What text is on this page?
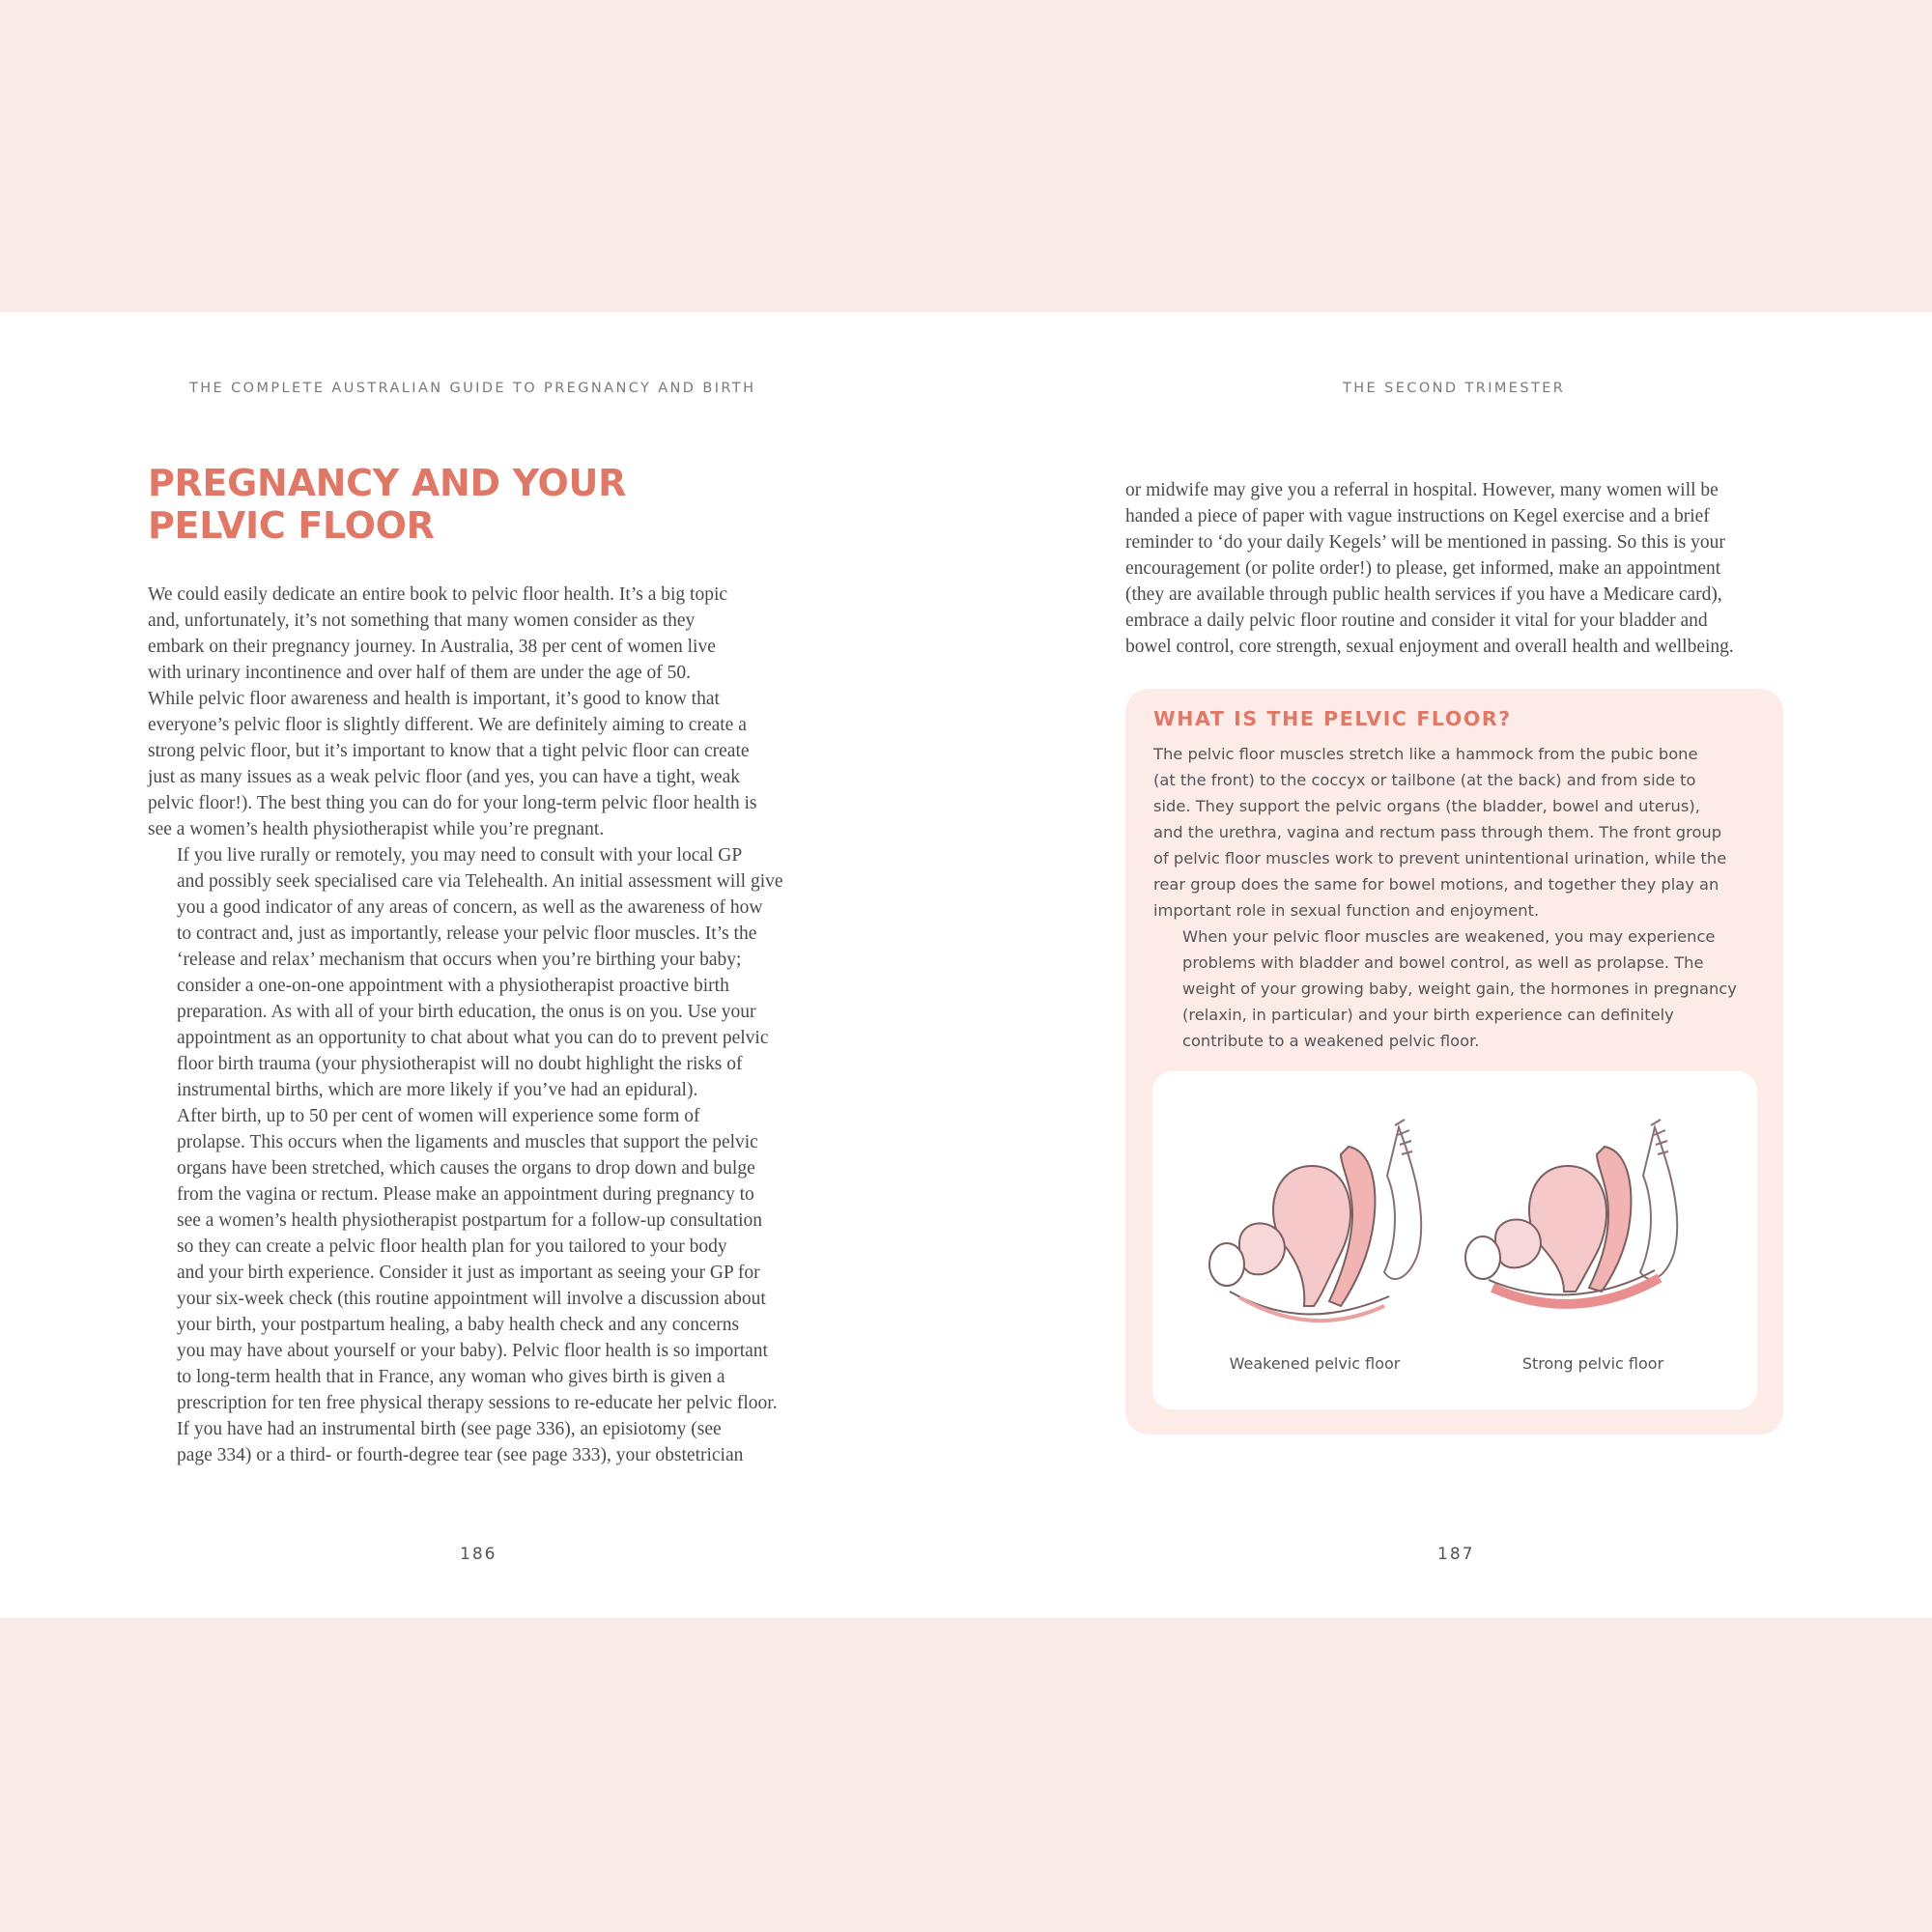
THE COMPLETE AUSTRALIAN GUIDE TO PREGNANCY AND BIRTH	THE SECOND TRIMESTER
PREGNANCY AND YOUR
PELVIC FLOOR

We could easily dedicate an entire book to pelvic floor health. It’s a big topic
and, unfortunately, it’s not something that many women consider as they
embark on their pregnancy journey. In Australia, 38 per cent of women live
with urinary incontinence and over half of them are under the age of 50.
While pelvic floor awareness and health is important, it’s good to know that
everyone’s pelvic floor is slightly different. We are definitely aiming to create a
strong pelvic floor, but it’s important to know that a tight pelvic floor can create
just as many issues as a weak pelvic floor (and yes, you can have a tight, weak
pelvic floor!). The best thing you can do for your long-term pelvic floor health is
see a women’s health physiotherapist while you’re pregnant.

If you live rurally or remotely, you may need to consult with your local GP
and possibly seek specialised care via Telehealth. An initial assessment will give
you a good indicator of any areas of concern, as well as the awareness of how
to contract and, just as importantly, release your pelvic floor muscles. It’s the
‘release and relax’ mechanism that occurs when you’re birthing your baby;
consider a one-on-one appointment with a physiotherapist proactive birth
preparation. As with all of your birth education, the onus is on you. Use your
appointment as an opportunity to chat about what you can do to prevent pelvic
floor birth trauma (your physiotherapist will no doubt highlight the risks of
instrumental births, which are more likely if you’ve had an epidural).

After birth, up to 50 per cent of women will experience some form of
prolapse. This occurs when the ligaments and muscles that support the pelvic
organs have been stretched, which causes the organs to drop down and bulge
from the vagina or rectum. Please make an appointment during pregnancy to
see a women’s health physiotherapist postpartum for a follow-up consultation
so they can create a pelvic floor health plan for you tailored to your body
and your birth experience. Consider it just as important as seeing your GP for
your six-week check (this routine appointment will involve a discussion about
your birth, your postpartum healing, a baby health check and any concerns
you may have about yourself or your baby). Pelvic floor health is so important
to long-term health that in France, any woman who gives birth is given a
prescription for ten free physical therapy sessions to re-educate her pelvic floor.

If you have had an instrumental birth (see page 336), an episiotomy (see
page 334) or a third- or fourth-degree tear (see page 333), your obstetrician

or midwife may give you a referral in hospital. However, many women will be
handed a piece of paper with vague instructions on Kegel exercise and a brief
reminder to ‘do your daily Kegels’ will be mentioned in passing. So this is your
encouragement (or polite order!) to please, get informed, make an appointment
(they are available through public health services if you have a Medicare card),
embrace a daily pelvic floor routine and consider it vital for your bladder and
bowel control, core strength, sexual enjoyment and overall health and wellbeing.

WHAT IS THE PELVIC FLOOR?

The pelvic floor muscles stretch like a hammock from the pubic bone
(at the front) to the coccyx or tailbone (at the back) and from side to
side. They support the pelvic organs (the bladder, bowel and uterus),
and the urethra, vagina and rectum pass through them. The front group
of pelvic floor muscles work to prevent unintentional urination, while the
rear group does the same for bowel motions, and together they play an
important role in sexual function and enjoyment.

When your pelvic floor muscles are weakened, you may experience
problems with bladder and bowel control, as well as prolapse. The
weight of your growing baby, weight gain, the hormones in pregnancy
(relaxin, in particular) and your birth experience can definitely
contribute to a weakened pelvic floor.

Weakened pelvic floor	Strong pelvic floor
186	187
